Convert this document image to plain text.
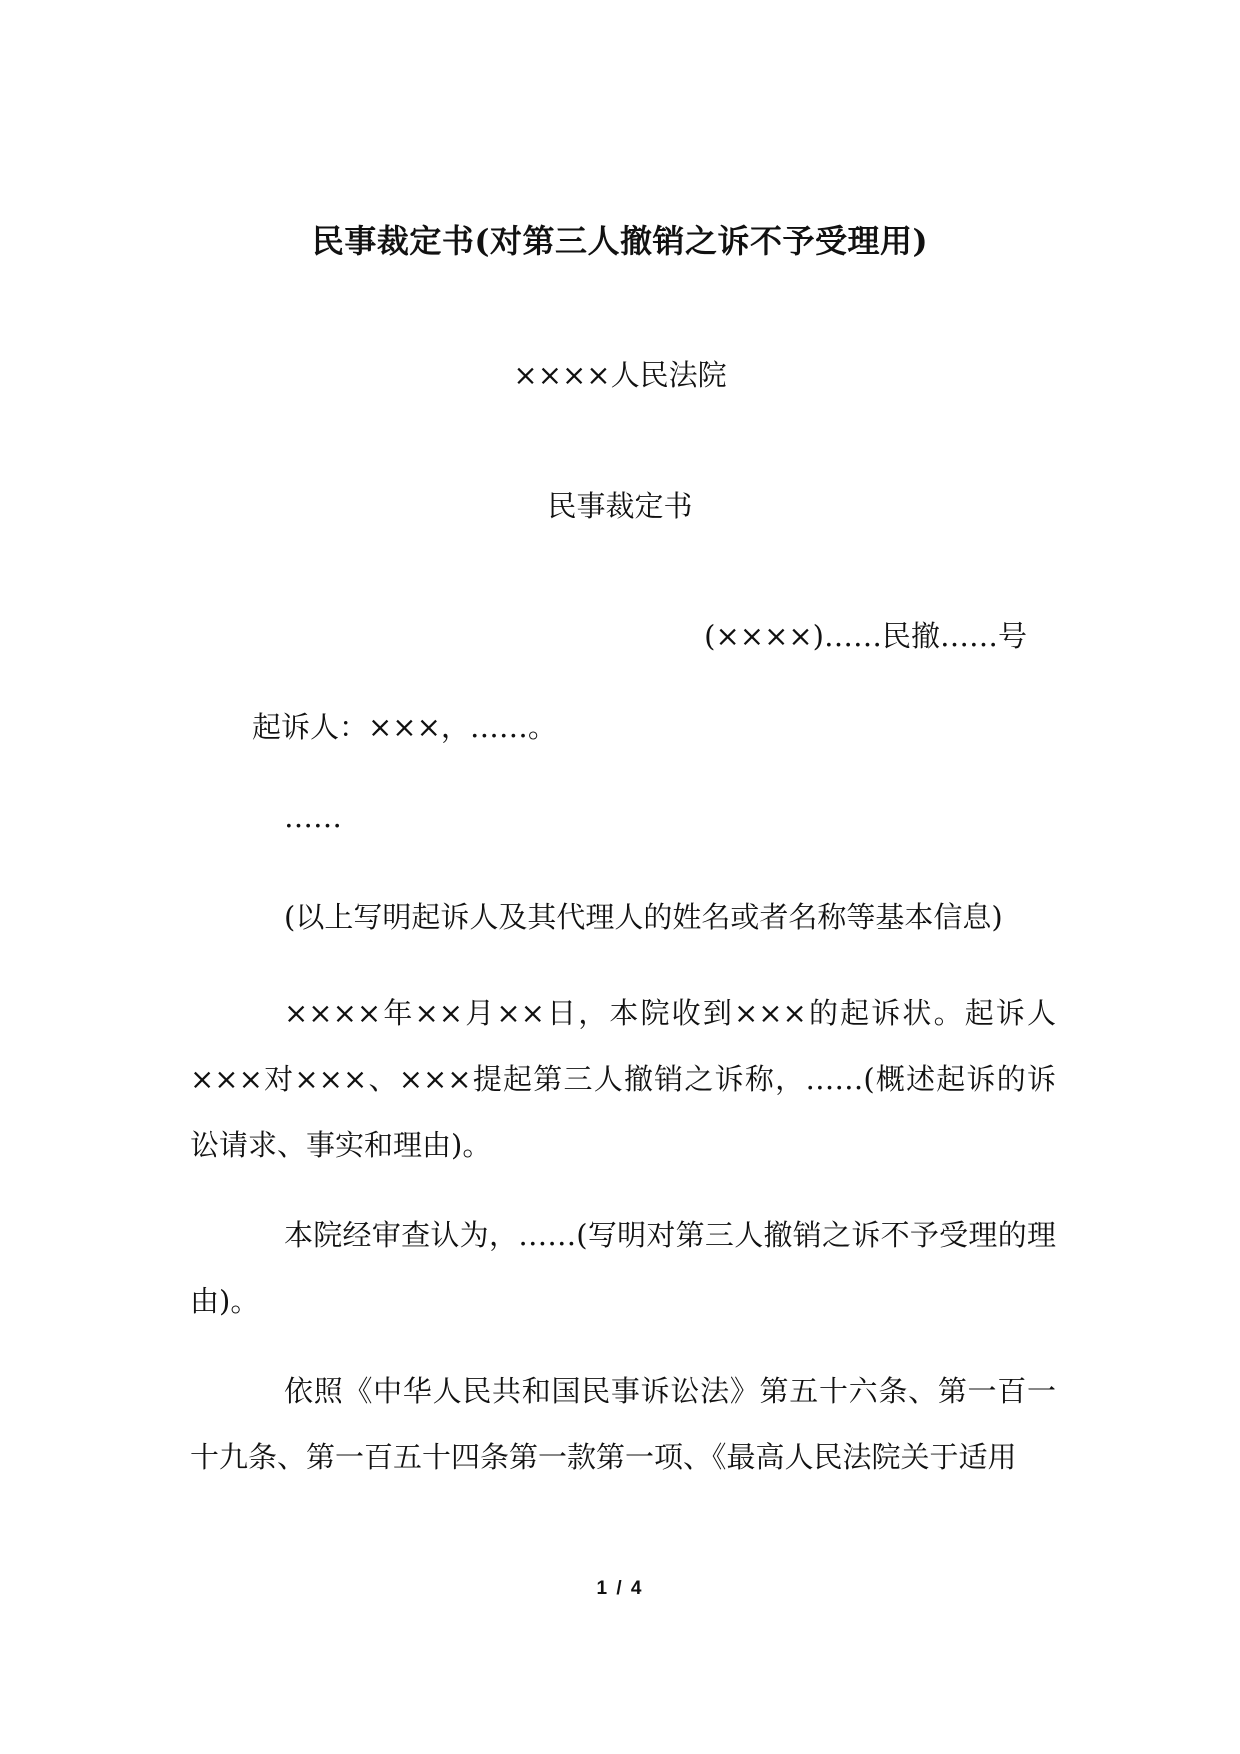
民事裁定书(对第三人撤销之诉不予受理用)
××××人民法院
民事裁定书
(××××)……民撤……号
起诉人：×××，……。
……
(以上写明起诉人及其代理人的姓名或者名称等基本信息)
××××年××月××日，本院收到×××的起诉状。起诉人×××对×××、×××提起第三人撤销之诉称，……(概述起诉的诉讼请求、事实和理由)。
本院经审查认为，……(写明对第三人撤销之诉不予受理的理由)。
依照《中华人民共和国民事诉讼法》第五十六条、第一百一十九条、第一百五十四条第一款第一项、《最高人民法院关于适用
1 / 4
